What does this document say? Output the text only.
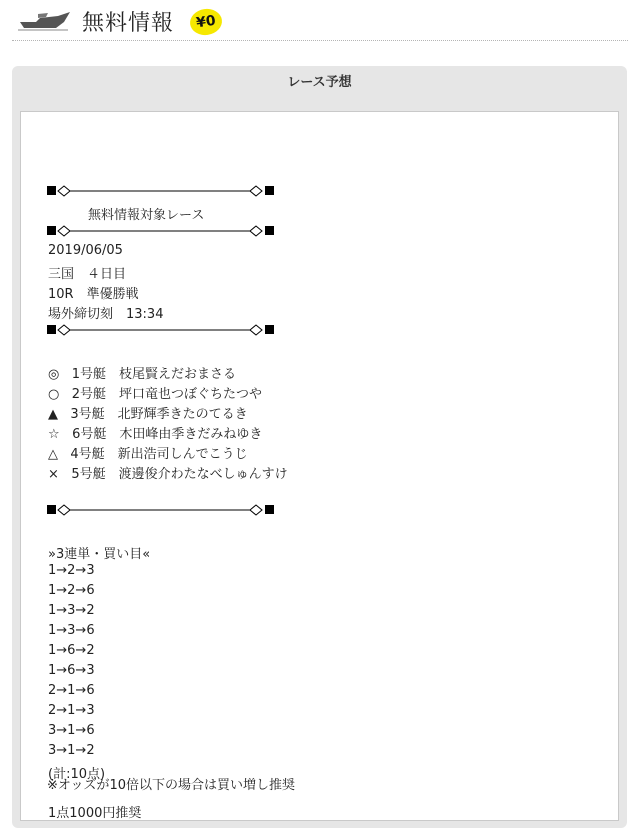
無料情報	¥0
レース予想
無料情報対象レース
2019/06/05
三国　４日目
10R　準優勝戦
場外締切刻　13:34
◎ 1号艇　枝尾賢えだおまさる
○ 2号艇　坪口竜也つぼぐちたつや
▲ 3号艇　北野輝季きたのてるき
☆ 6号艇　木田峰由季きだみねゆき
△ 4号艇　新出浩司しんでこうじ
× 5号艇　渡邊俊介わたなべしゅんすけ
»3連単・買い目«
1→2→3
1→2→6
1→3→2
1→3→6
1→6→2
1→6→3
2→1→6
2→1→3
3→1→6
3→1→2
(計:10点)
1点1000円推奨
※オッズが10倍以下の場合は買い増し推奨
